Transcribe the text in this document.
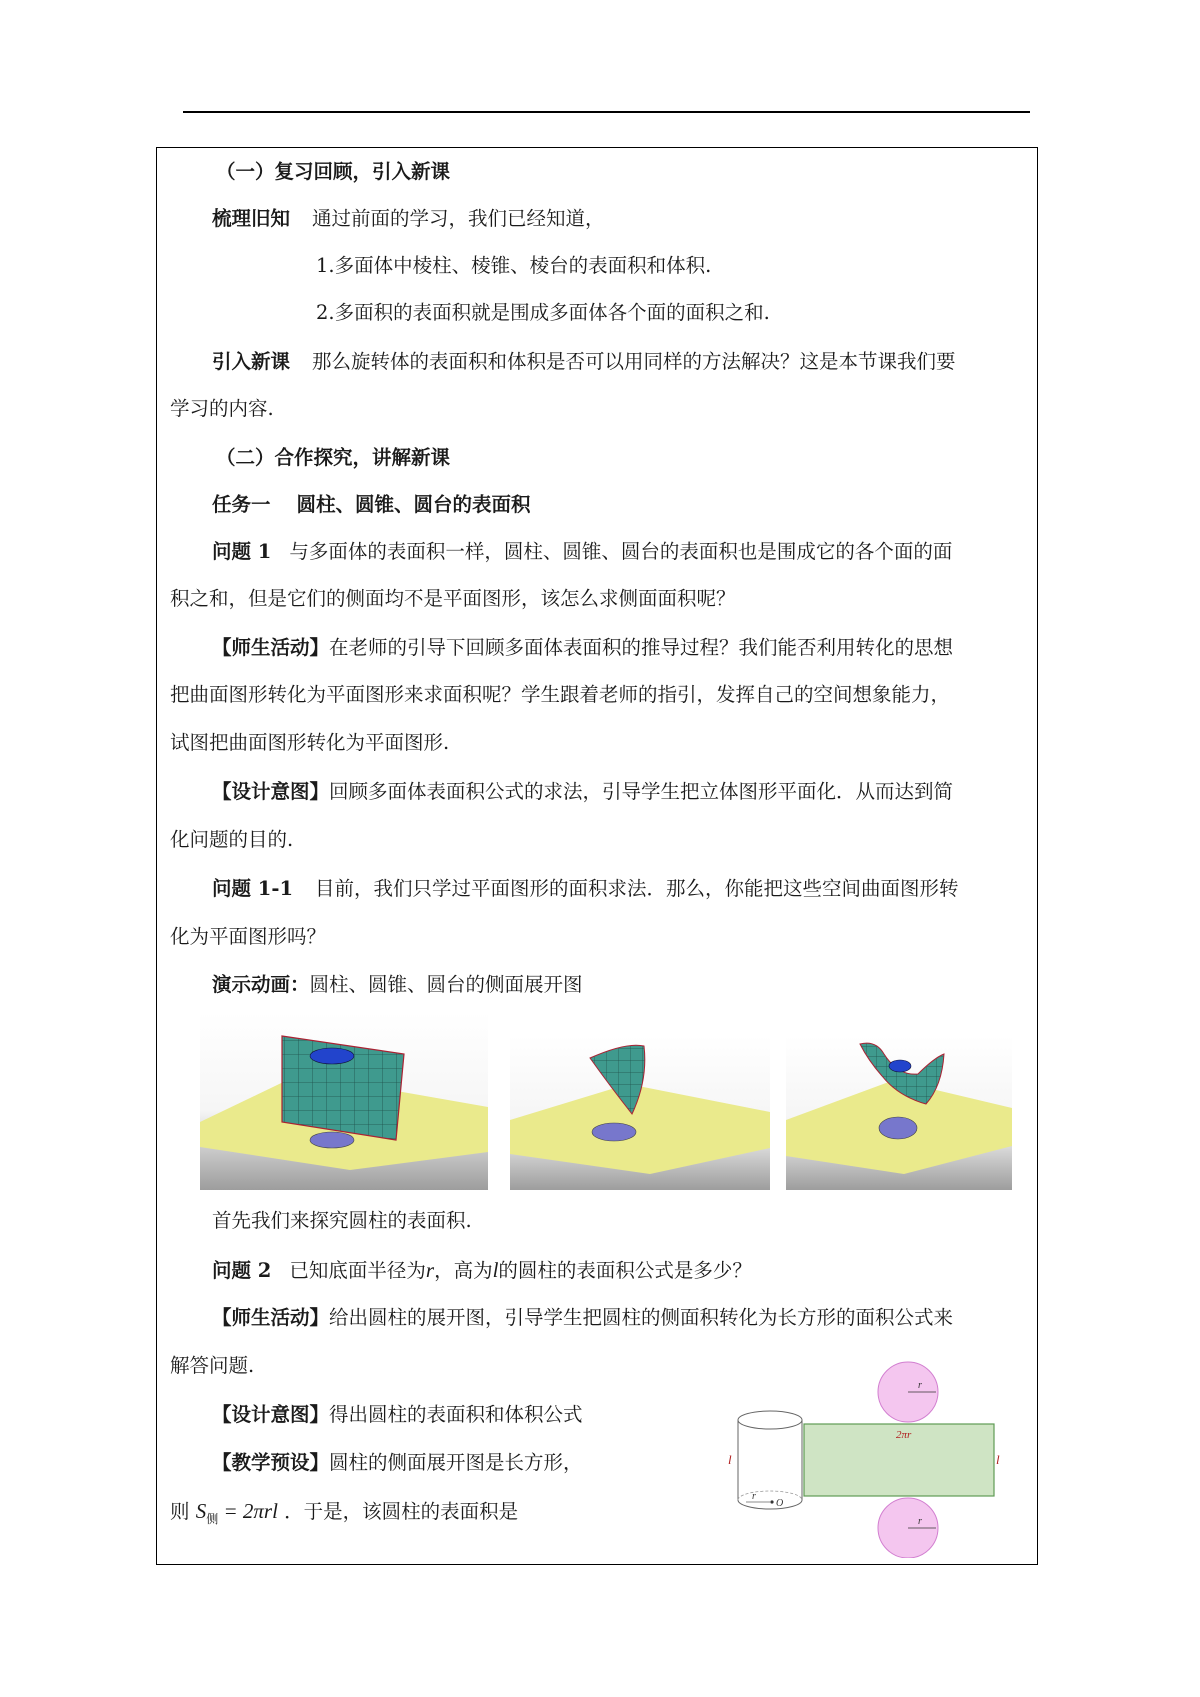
（一）复习回顾，引入新课
梳理旧知 通过前面的学习，我们已经知道，
1.多面体中棱柱、棱锥、棱台的表面积和体积.
2.多面积的表面积就是围成多面体各个面的面积之和.
引入新课 那么旋转体的表面积和体积是否可以用同样的方法解决？这是本节课我们要
学习的内容.
（二）合作探究，讲解新课
任务一 圆柱、圆锥、圆台的表面积
问题 1 与多面体的表面积一样，圆柱、圆锥、圆台的表面积也是围成它的各个面的面
积之和，但是它们的侧面均不是平面图形，该怎么求侧面面积呢？
【师生活动】在老师的引导下回顾多面体表面积的推导过程？我们能否利用转化的思想
把曲面图形转化为平面图形来求面积呢？学生跟着老师的指引，发挥自己的空间想象能力，
试图把曲面图形转化为平面图形.
【设计意图】回顾多面体表面积公式的求法，引导学生把立体图形平面化．从而达到简
化问题的目的.
问题 1-1 目前，我们只学过平面图形的面积求法．那么，你能把这些空间曲面图形转
化为平面图形吗？
演示动画：圆柱、圆锥、圆台的侧面展开图
首先我们来探究圆柱的表面积.
问题 2 已知底面半径为r，高为l的圆柱的表面积公式是多少？
【师生活动】给出圆柱的展开图，引导学生把圆柱的侧面积转化为长方形的面积公式来
解答问题.
【设计意图】得出圆柱的表面积和体积公式
【教学预设】圆柱的侧面展开图是长方形，
则 $S_侧 = 2\pi rl$ ．于是，该圆柱的表面积是
2πr
r
r
r
O
l	l
